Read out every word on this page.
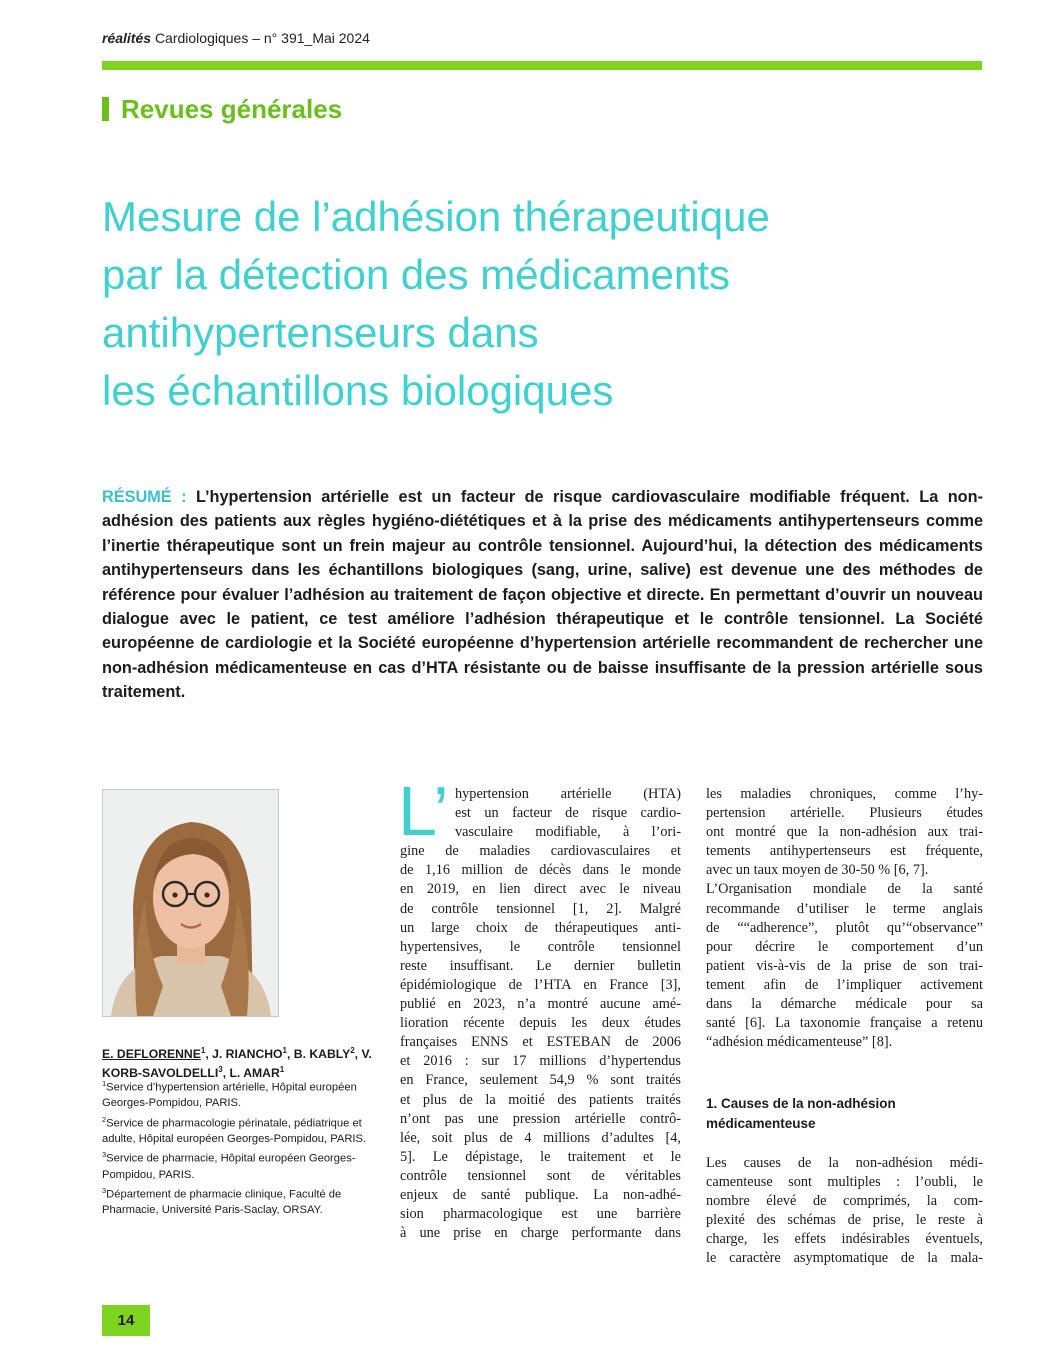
réalités Cardiologiques – n° 391_Mai 2024
Revues générales
Mesure de l’adhésion thérapeutique
par la détection des médicaments
antihypertenseurs dans
les échantillons biologiques

RÉSUMÉ : L’hypertension artérielle est un facteur de risque cardiovasculaire modifiable fréquent. La non-adhésion des patients aux règles hygiéno-diététiques et à la prise des médicaments antihypertenseurs comme l’inertie thérapeutique sont un frein majeur au contrôle tensionnel. Aujourd’hui, la détection des médicaments antihypertenseurs dans les échantillons biologiques (sang, urine, salive) est devenue une des méthodes de référence pour évaluer l’adhésion au traitement de façon objective et directe. En permettant d’ouvrir un nouveau dialogue avec le patient, ce test améliore l’adhésion thérapeutique et le contrôle tensionnel. La Société européenne de cardiologie et la Société européenne d’hypertension artérielle recommandent de rechercher une non-adhésion médicamenteuse en cas d’HTA résistante ou de baisse insuffisante de la pression artérielle sous traitement.

E. DEFLORENNE$^1$, J. RIANCHO$^1$, B. KABLY$^2$, V. KORB-SAVOLDELLI$^3$, L. AMAR$^1$

$^1$Service d’hypertension artérielle, Hôpital européen Georges-Pompidou, PARIS.

$^2$Service de pharmacologie périnatale, pédiatrique et adulte, Hôpital européen Georges-Pompidou, PARIS.

$^3$Service de pharmacie, Hôpital européen Georges-Pompidou, PARIS.

$^3$Département de pharmacie clinique, Faculté de Pharmacie, Université Paris-Saclay, ORSAY.

L’ hypertension artérielle (HTA)
est un facteur de risque cardio-
vasculaire modifiable, à l’ori-
gine de maladies cardiovasculaires et
de 1,16 million de décès dans le monde
en 2019, en lien direct avec le niveau
de contrôle tensionnel [1, 2]. Malgré
un large choix de thérapeutiques anti-
hypertensives, le contrôle tensionnel
reste insuffisant. Le dernier bulletin
épidémiologique de l’HTA en France [3],
publié en 2023, n’a montré aucune amé-
lioration récente depuis les deux études
françaises ENNS et ESTEBAN de 2006
et 2016 : sur 17 millions d’hypertendus
en France, seulement 54,9 % sont traités
et plus de la moitié des patients traités
n’ont pas une pression artérielle contrô-
lée, soit plus de 4 millions d’adultes [4,
5]. Le dépistage, le traitement et le
contrôle tensionnel sont de véritables
enjeux de santé publique. La non-adhé-
sion pharmacologique est une barrière
à une prise en charge performante dans

les maladies chroniques, comme l’hy-
pertension artérielle. Plusieurs études
ont montré que la non-adhésion aux trai-
tements antihypertenseurs est fréquente,
avec un taux moyen de 30-50 % [6, 7].
L’Organisation mondiale de la santé
recommande d’utiliser le terme anglais
de ““adherence”, plutôt qu’“observance”
pour décrire le comportement d’un
patient vis-à-vis de la prise de son trai-
tement afin de l’impliquer activement
dans la démarche médicale pour sa
santé [6]. La taxonomie française a retenu
“adhésion médicamenteuse” [8].

1. Causes de la non-adhésion médicamenteuse

Les causes de la non-adhésion médi-
camenteuse sont multiples : l’oubli, le
nombre élevé de comprimés, la com-
plexité des schémas de prise, le reste à
charge, les effets indésirables éventuels,
le caractère asymptomatique de la mala-

14
